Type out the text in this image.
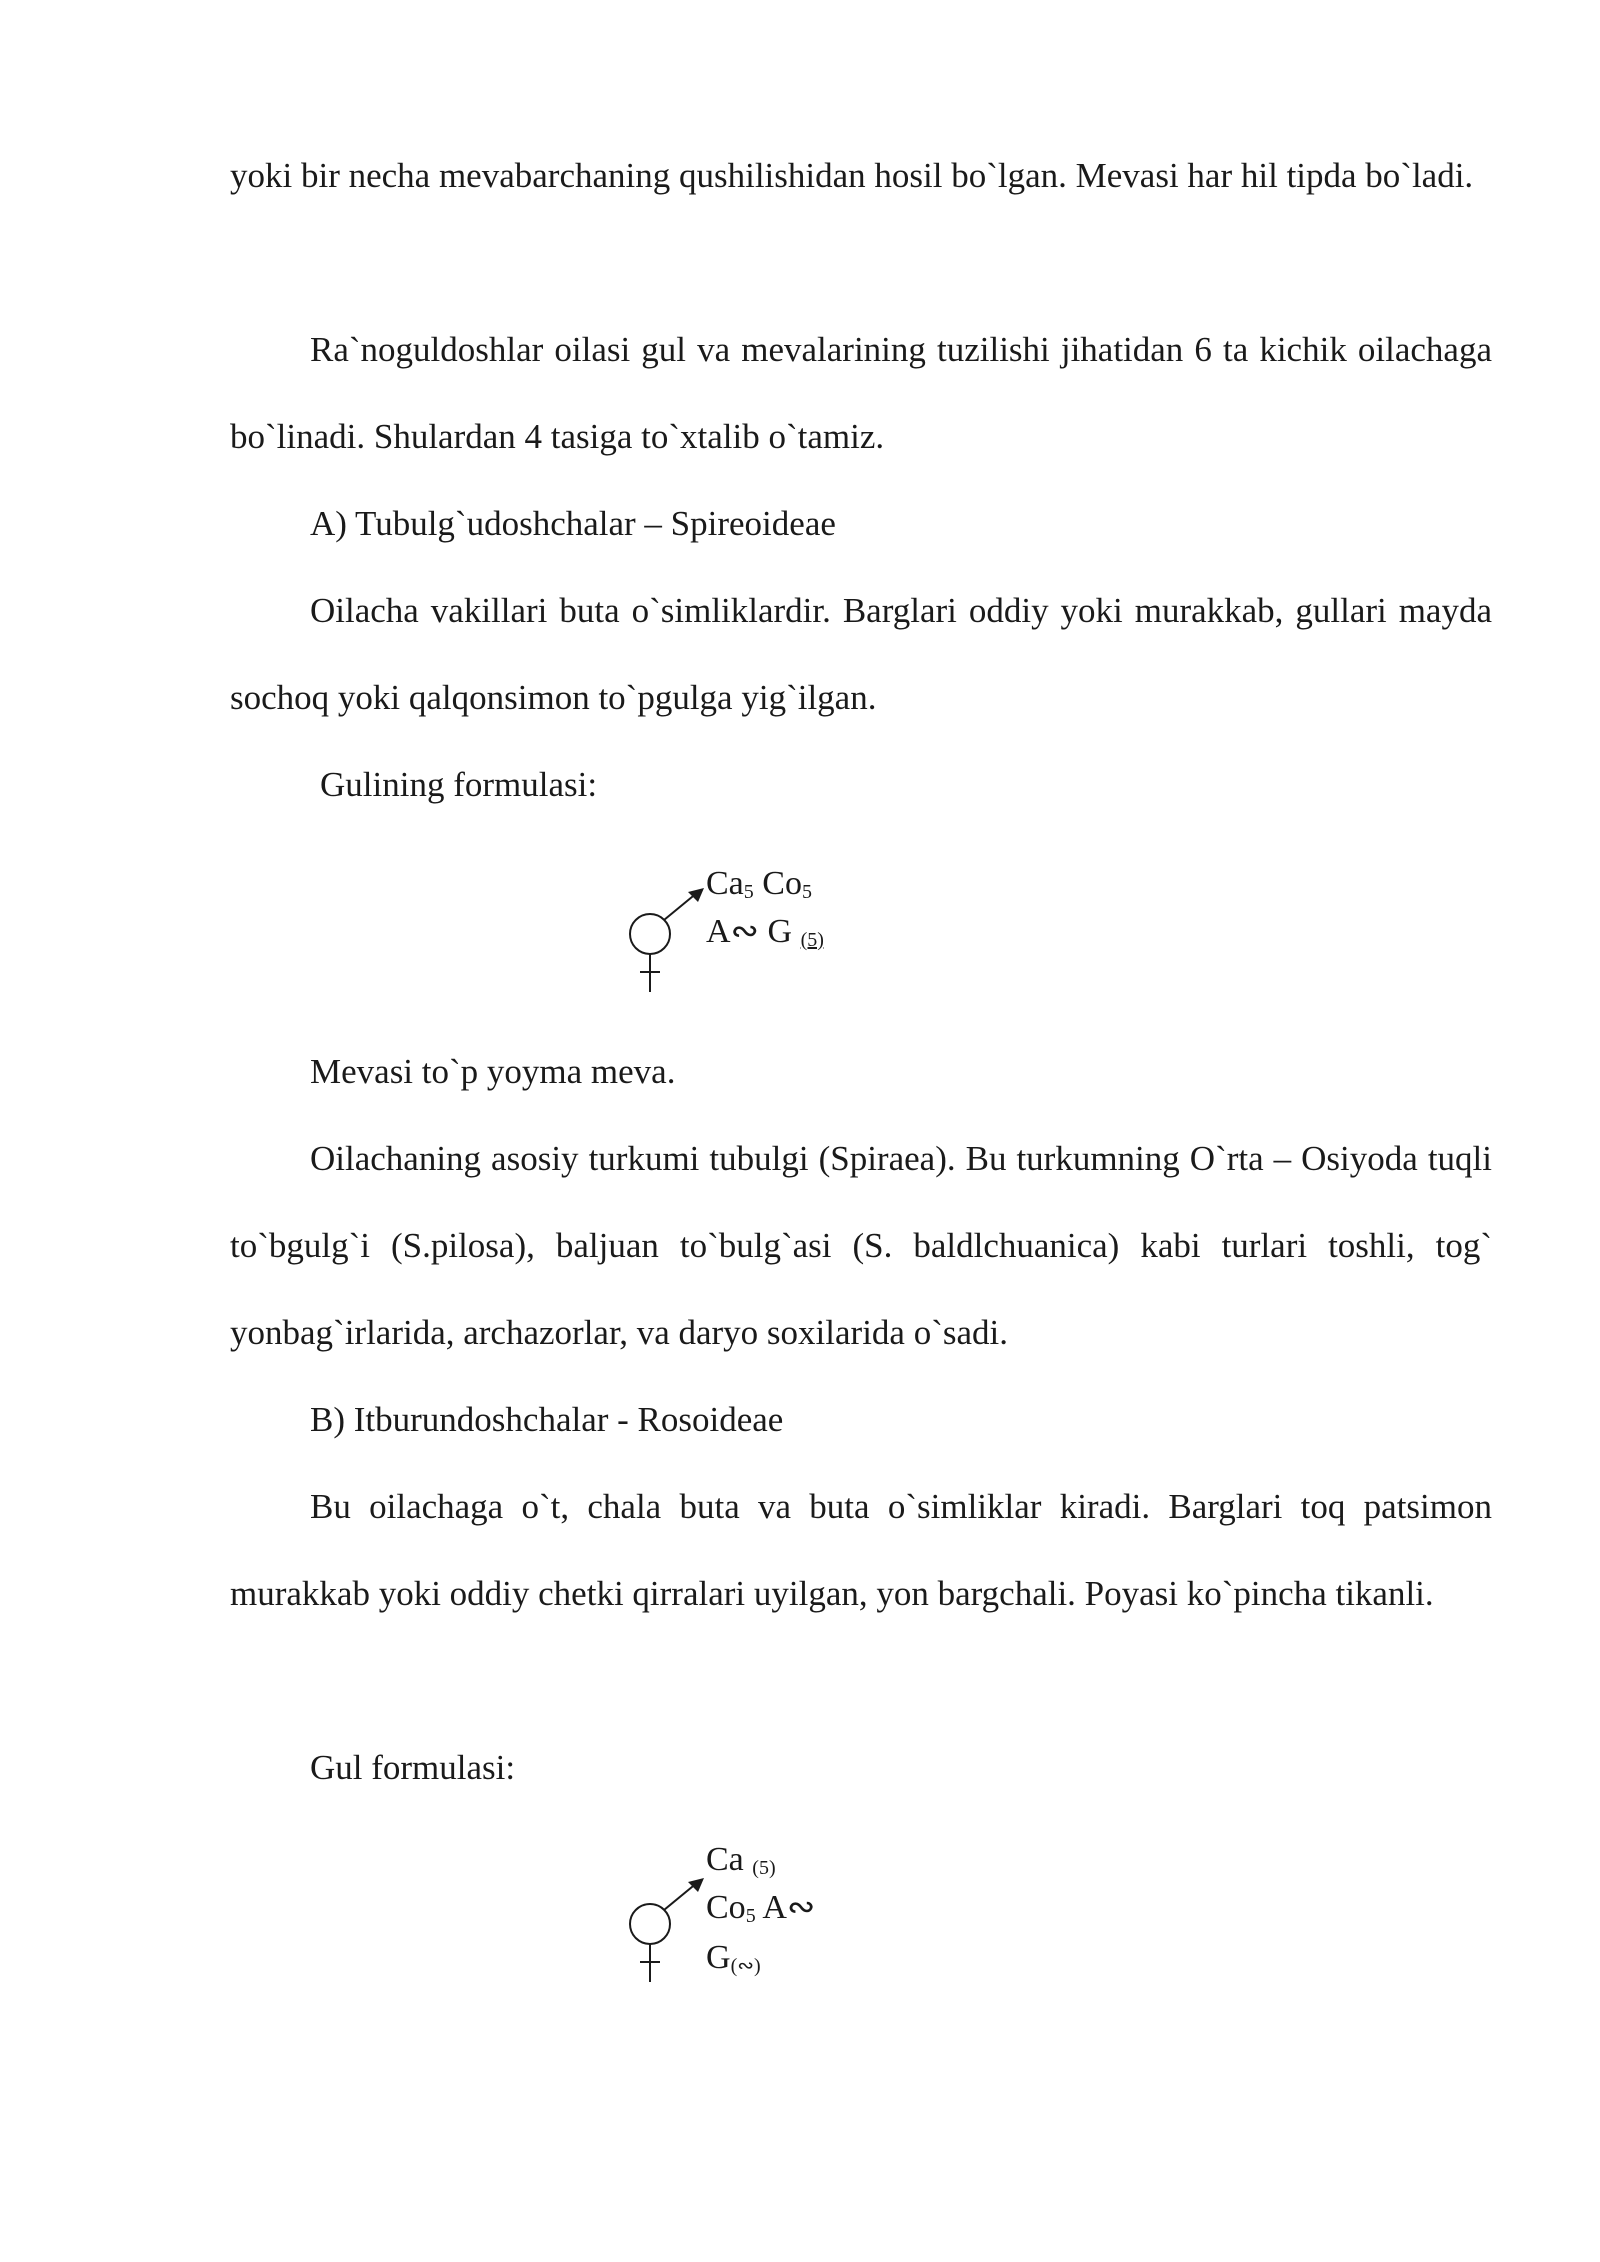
yoki bir necha mevabarchaning qushilishidan hosil bo`lgan. Mevasi har hil tipda bo`ladi.

Ra`noguldoshlar oilasi gul va mevalarining tuzilishi jihatidan 6 ta kichik oilachaga bo`linadi. Shulardan 4 tasiga to`xtalib o`tamiz.

A) Tubulg`udoshchalar – Spireoideae

Oilacha vakillari buta o`simliklardir. Barglari oddiy yoki murakkab, gullari mayda sochoq yoki qalqonsimon to`pgulga yig`ilgan.

Gulining formulasi:

$Ca_5$ $Co_5$
A∾ G $_{(5)}$

Mevasi to`p yoyma meva.

Oilachaning asosiy turkumi tubulgi (Spiraea). Bu turkumning O`rta – Osiyoda tuqli to`bgulg`i (S.pilosa), baljuan to`bulg`asi (S. baldlchuanica) kabi turlari toshli, tog` yonbag`irlarida, archazorlar, va daryo soxilarida o`sadi.

B) Itburundoshchalar - Rosoideae

Bu oilachaga o`t, chala buta va buta o`simliklar kiradi. Barglari toq patsimon murakkab yoki oddiy chetki qirralari uyilgan, yon bargchali. Poyasi ko`pincha tikanli.

Gul formulasi:

Ca $_{(5)}$
$Co_5$ A∾
$G_{(∾)}$
